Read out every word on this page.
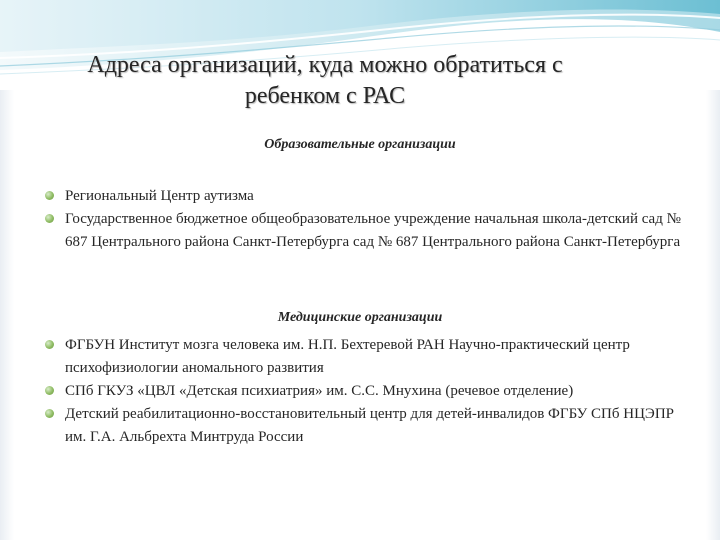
Адреса организаций, куда можно обратиться с
ребенком с РАС

Образовательные организации

Региональный Центр аутизма
Государственное бюджетное общеобразовательное учреждение начальная школа-детский сад № 687 Центрального района Санкт-Петербурга сад № 687 Центрального района Санкт-Петербурга

Медицинские организации

ФГБУН Институт мозга человека им. Н.П. Бехтеревой РАН Научно-практический центр психофизиологии аномального развития
СПб ГКУЗ «ЦВЛ «Детская психиатрия» им. С.С. Мнухина (речевое отделение)
Детский реабилитационно-восстановительный центр для детей-инвалидов ФГБУ СПб НЦЭПР им. Г.А. Альбрехта Минтруда России
